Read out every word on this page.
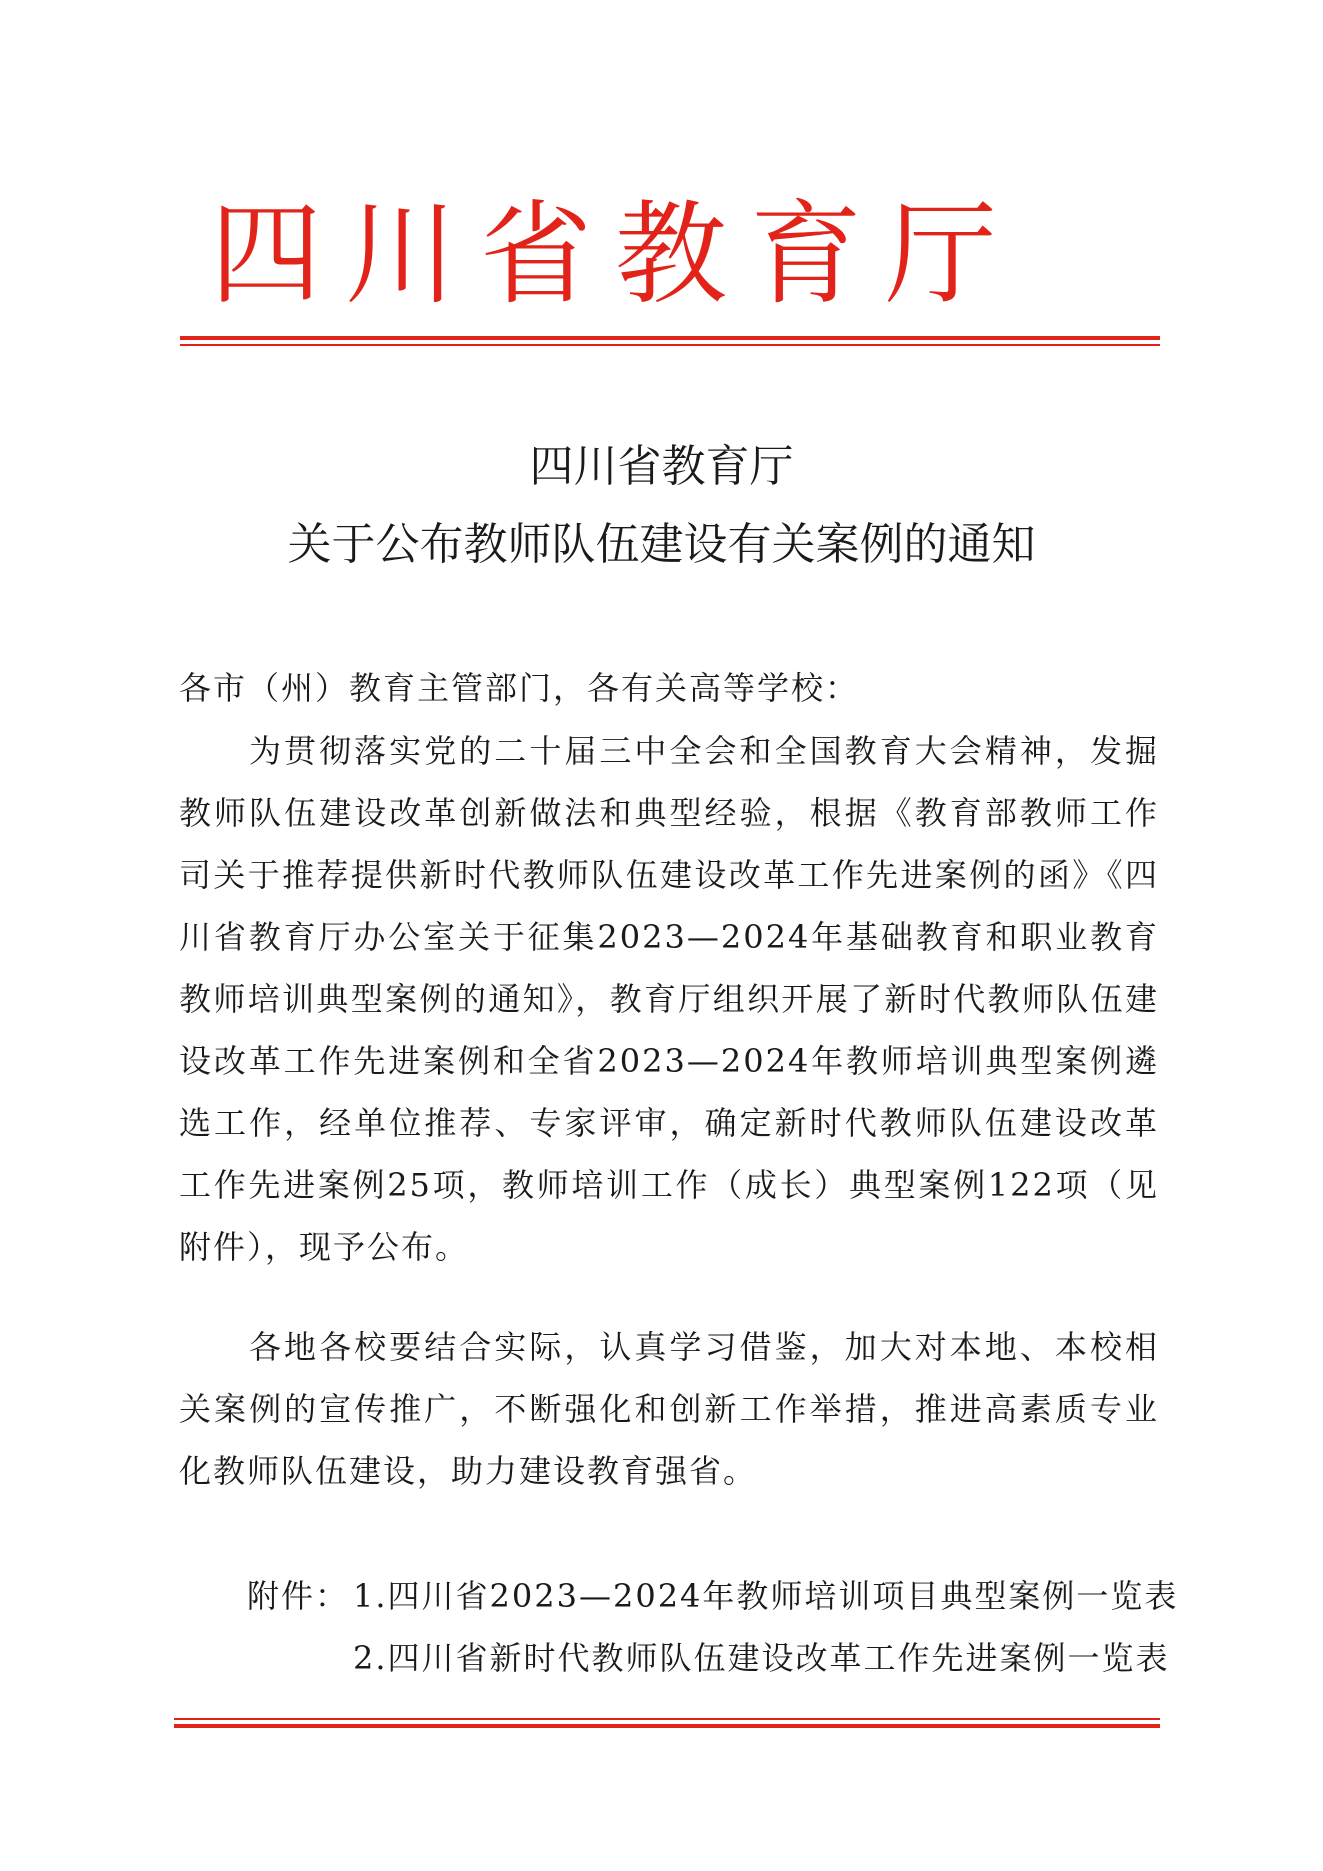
四 川 省 教 育 厅
四川省教育厅
关于公布教师队伍建设有关案例的通知
各市（州）教育主管部门，各有关高等学校：
为贯彻落实党的二十届三中全会和全国教育大会精神，发掘教师队伍建设改革创新做法和典型经验，根据《教育部教师工作司关于推荐提供新时代教师队伍建设改革工作先进案例的函》《四川省教育厅办公室关于征集2023—2024年基础教育和职业教育教师培训典型案例的通知》，教育厅组织开展了新时代教师队伍建设改革工作先进案例和全省2023—2024年教师培训典型案例遴选工作，经单位推荐、专家评审，确定新时代教师队伍建设改革工作先进案例25项，教师培训工作（成长）典型案例122项（见附件），现予公布。
各地各校要结合实际，认真学习借鉴，加大对本地、本校相关案例的宣传推广，不断强化和创新工作举措，推进高素质专业化教师队伍建设，助力建设教育强省。
附件： 1.四川省2023—2024年教师培训项目典型案例一览表
2.四川省新时代教师队伍建设改革工作先进案例一览表
